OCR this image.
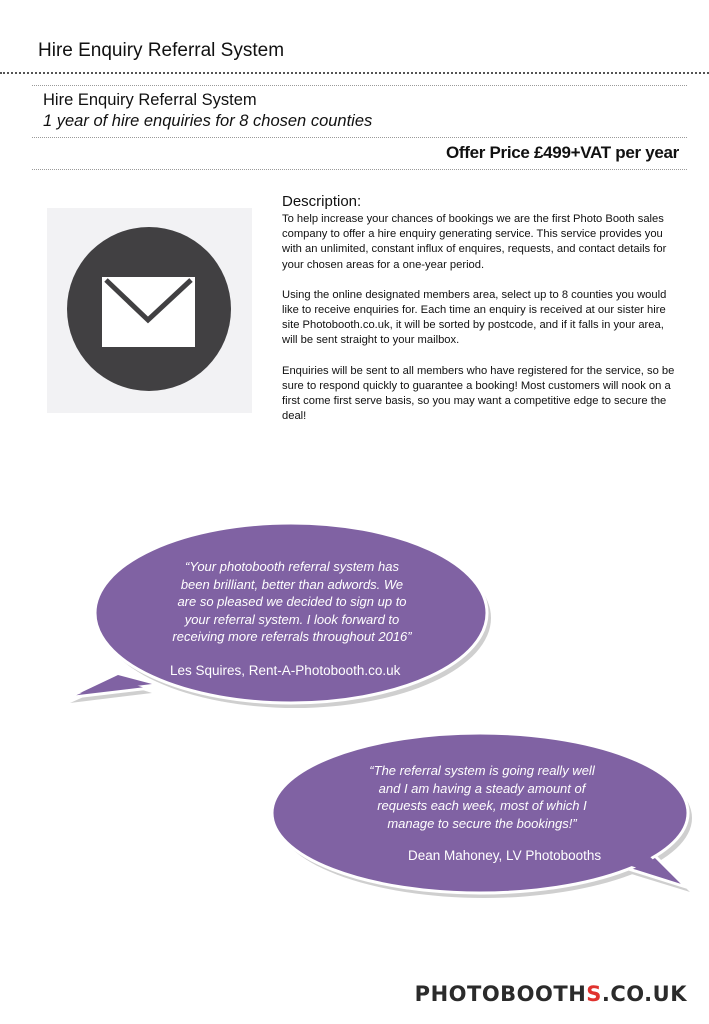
Hire Enquiry Referral System
Hire Enquiry Referral System
1 year of hire enquiries for 8 chosen counties
Offer Price £499+VAT per year
Description:

To help increase your chances of bookings we are the first Photo Booth sales company to offer a hire enquiry generating service. This service provides you with an unlimited, constant influx of enquires, requests, and contact details for your chosen areas for a one-year period.

Using the online designated members area, select up to 8 counties you would like to receive enquiries for. Each time an enquiry is received at our sister hire site Photobooth.co.uk, it will be sorted by postcode, and if it falls in your area, will be sent straight to your mailbox.

Enquiries will be sent to all members who have registered for the service, so be sure to respond quickly to guarantee a booking! Most customers will nook on a first come first serve basis, so you may want a competitive edge to secure the deal!

“Your photobooth referral system has
been brilliant, better than adwords. We
are so pleased we decided to sign up to
your referral system. I look forward to
receiving more referrals throughout 2016”
Les Squires, Rent-A-Photobooth.co.uk
“The referral system is going really well
and I am having a steady amount of
requests each week, most of which I
manage to secure the bookings!”
Dean Mahoney, LV Photobooths
PHOTOBOOTHS.CO.UK
